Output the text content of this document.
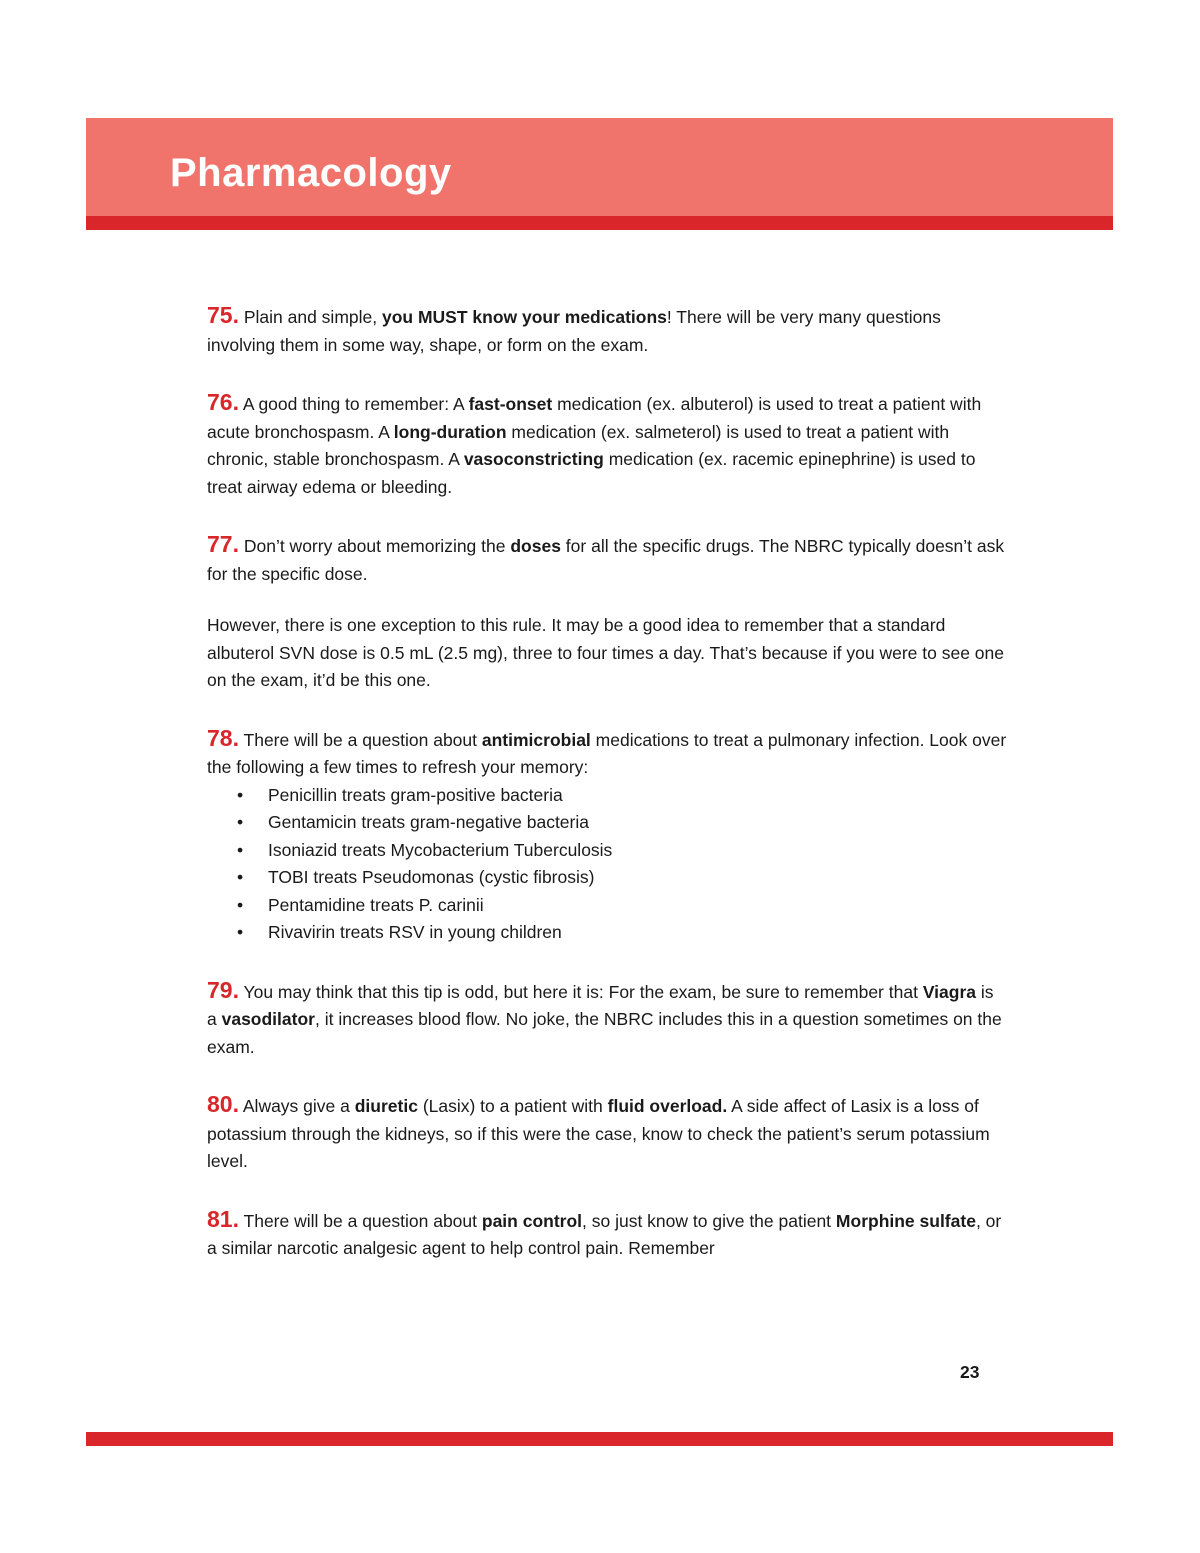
Pharmacology

75. Plain and simple, you MUST know your medications! There will be very many questions involving them in some way, shape, or form on the exam.

76. A good thing to remember: A fast-onset medication (ex. albuterol) is used to treat a patient with acute bronchospasm. A long-duration medication (ex. salmeterol) is used to treat a patient with chronic, stable bronchospasm. A vasoconstricting medication (ex. racemic epinephrine) is used to treat airway edema or bleeding.

77. Don’t worry about memorizing the doses for all the specific drugs. The NBRC typically doesn’t ask for the specific dose.

However, there is one exception to this rule. It may be a good idea to remember that a standard albuterol SVN dose is 0.5 mL (2.5 mg), three to four times a day. That’s because if you were to see one on the exam, it’d be this one.

78. There will be a question about antimicrobial medications to treat a pulmonary infection. Look over the following a few times to refresh your memory:

• Penicillin treats gram-positive bacteria
• Gentamicin treats gram-negative bacteria
• Isoniazid treats Mycobacterium Tuberculosis
• TOBI treats Pseudomonas (cystic fibrosis)
• Pentamidine treats P. carinii
• Rivavirin treats RSV in young children

79. You may think that this tip is odd, but here it is: For the exam, be sure to remember that Viagra is a vasodilator, it increases blood flow. No joke, the NBRC includes this in a question sometimes on the exam.

80. Always give a diuretic (Lasix) to a patient with fluid overload. A side affect of Lasix is a loss of potassium through the kidneys, so if this were the case, know to check the patient’s serum potassium level.

81. There will be a question about pain control, so just know to give the patient Morphine sulfate, or a similar narcotic analgesic agent to help control pain. Remember

23
